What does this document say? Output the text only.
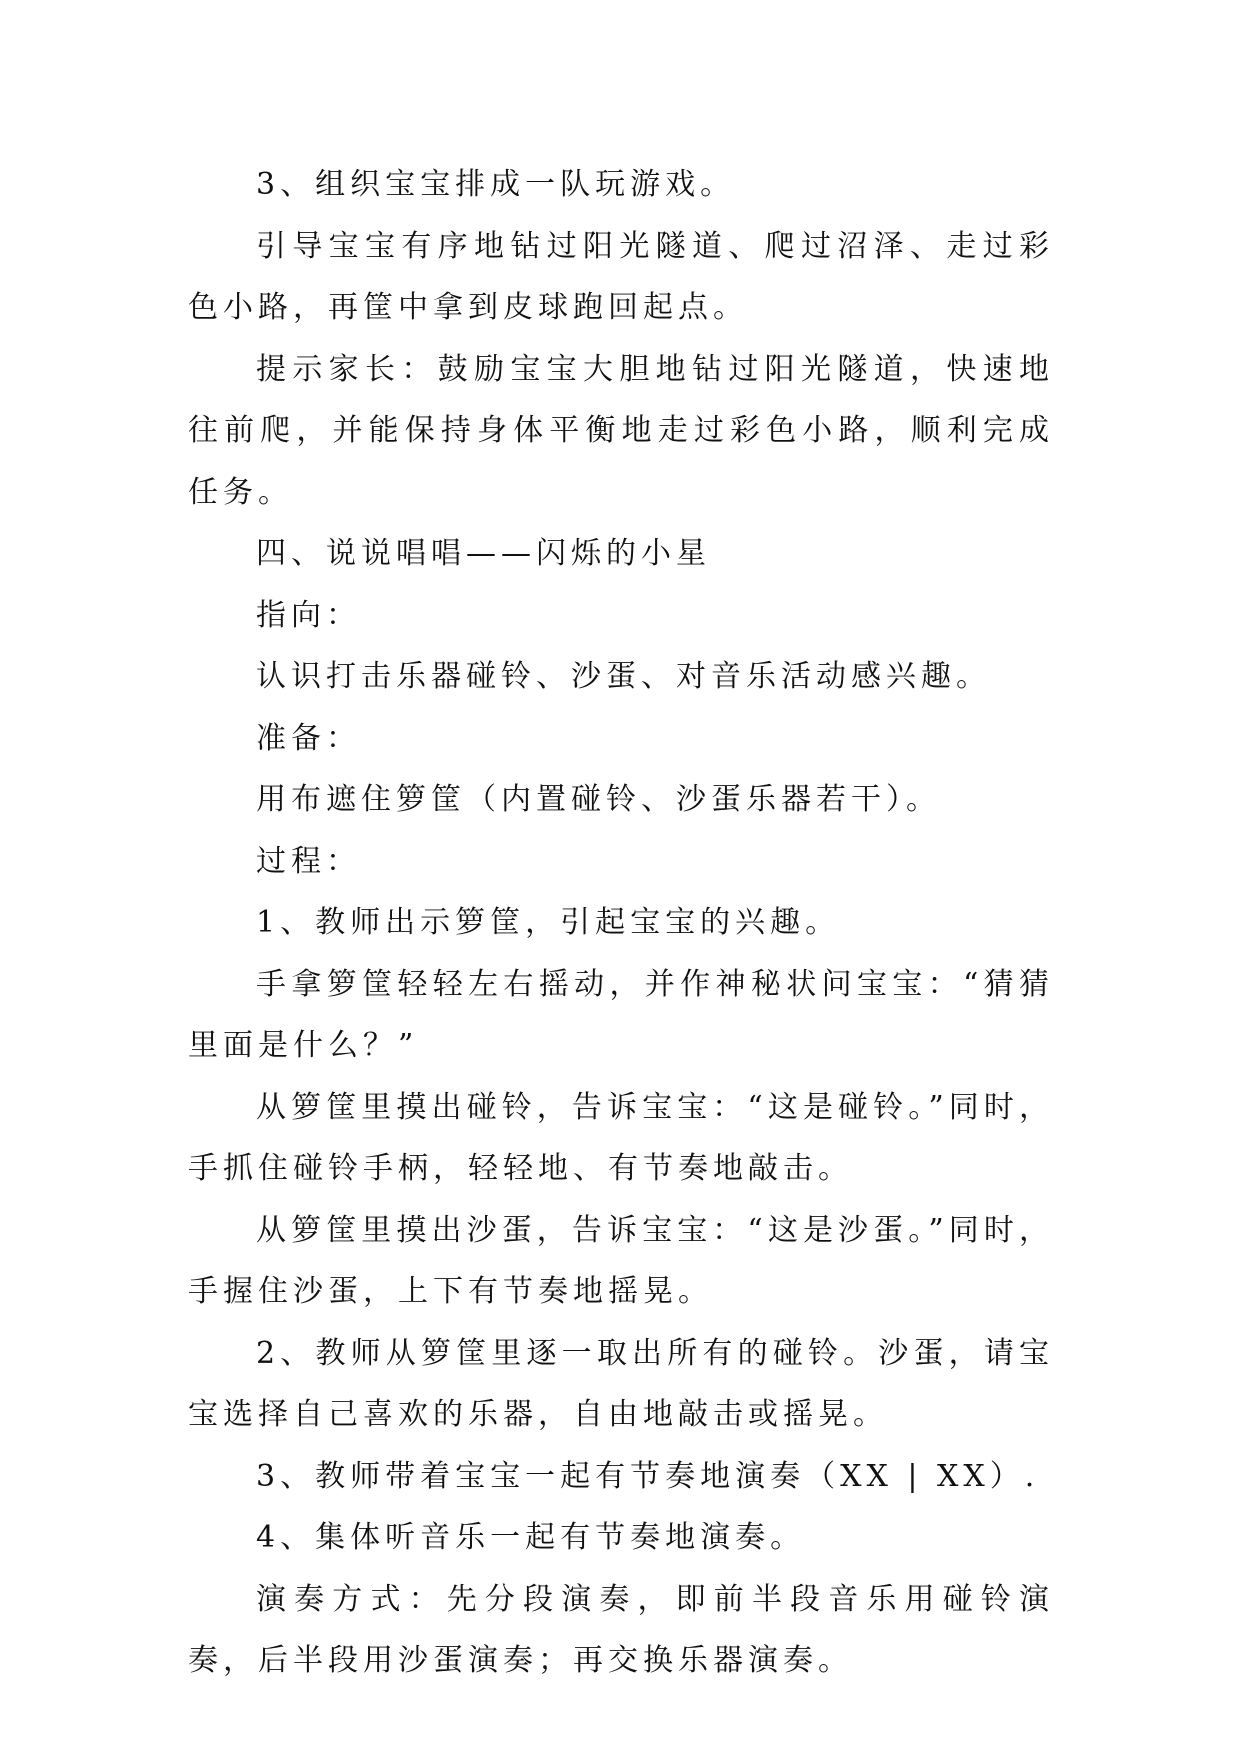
3、组织宝宝排成一队玩游戏。

引导宝宝有序地钻过阳光隧道、爬过沼泽、走过彩色小路，再筐中拿到皮球跑回起点。

提示家长：鼓励宝宝大胆地钻过阳光隧道，快速地往前爬，并能保持身体平衡地走过彩色小路，顺利完成任务。

四、说说唱唱——闪烁的小星

指向：

认识打击乐器碰铃、沙蛋、对音乐活动感兴趣。

准备：

用布遮住箩筐（内置碰铃、沙蛋乐器若干）。

过程：

1、教师出示箩筐，引起宝宝的兴趣。

手拿箩筐轻轻左右摇动，并作神秘状问宝宝：“猜猜里面是什么？”

从箩筐里摸出碰铃，告诉宝宝：“这是碰铃。”同时，手抓住碰铃手柄，轻轻地、有节奏地敲击。

从箩筐里摸出沙蛋，告诉宝宝：“这是沙蛋。”同时，手握住沙蛋，上下有节奏地摇晃。

2、教师从箩筐里逐一取出所有的碰铃。沙蛋，请宝宝选择自己喜欢的乐器，自由地敲击或摇晃。

3、教师带着宝宝一起有节奏地演奏（XX | XX）.

4、集体听音乐一起有节奏地演奏。

演奏方式：先分段演奏，即前半段音乐用碰铃演奏，后半段用沙蛋演奏；再交换乐器演奏。
